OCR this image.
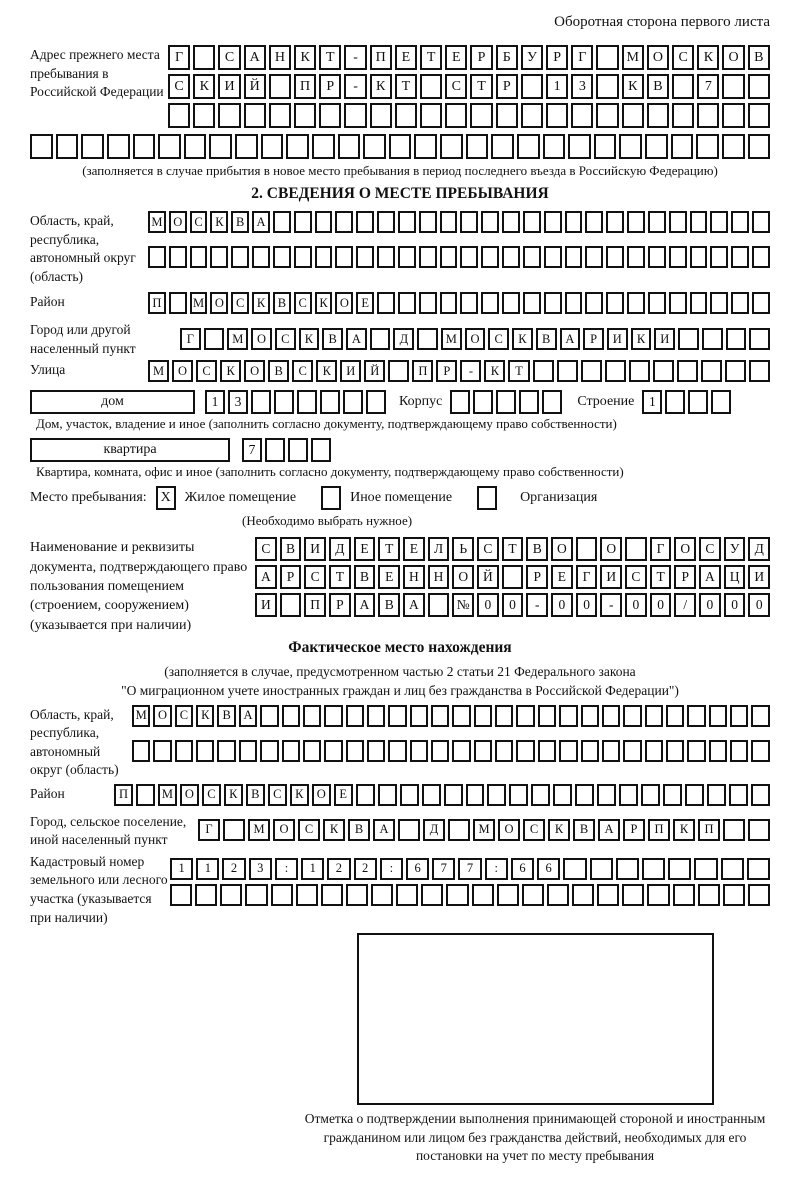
Оборотная сторона первого листа
Адрес прежнего места пребывания в Российской Федерации
Г	С	А	Н	К	Т	-	П	Е	Т	Е	Р	Б	У	Р	Г	М О	С	К	О	В
С	К	И	Й	П	Р	-	К	Т	С	Т	Р	1	3	К	В	7
(заполняется в случае прибытия в новое место пребывания в период последнего въезда в Российскую Федерацию)
2. СВЕДЕНИЯ О МЕСТЕ ПРЕБЫВАНИЯ
Область, край, республика, автономный округ (область)
М О С К В А
Район	П	М О С К В С К О	Е
Город или другой населенный пункт
Г	М	О	С	К	В	А	Д	М	О	С	К	В	А	Р	И	К	И
Улица	М	О	С	К	О	В	С	К	И	Й	П	Р	-	К	Т
дом	1	3	Корпус	Строение	1
Дом, участок, владение и иное (заполнить согласно документу, подтверждающему право собственности)
квартира	7
Квартира, комната, офис и иное (заполнить согласно документу, подтверждающему право собственности)
Место пребывания: X Жилое помещение	Иное помещение	Организация
(Необходимо выбрать нужное)
Наименование и реквизиты документа, подтверждающего право пользования помещением (строением, сооружением) (указывается при наличии)
С	В	И	Д	Е	Т	Е	Л	Ь	С	Т	В	О	О	Г	О	С	У	Д
А	Р	С	Т	В	Е	Н	Н	О	Й	Р	Е	Г	И	С	Т	Р	А	Ц	И
И	П	Р	А	В	А	№	0	0	-	0	0	-	0	0	/	0	0	0
Фактическое место нахождения
(заполняется в случае, предусмотренном частью 2 статьи 21 Федерального закона
"О миграционном учете иностранных граждан и лиц без гражданства в Российской Федерации")
Область, край, республика, автономный округ (область)
М О	С	К	В	А
Район	П	М О	С	К	В	С	К	О	Е
Город, сельское поселение, иной населенный пункт
Г	М	О	С	К	В	А	Д	М	О	С	К	В	А	Р	П	К	П
Кадастровый номер земельного или лесного участка (указывается при наличии)
1	1	2	3	:	1	2	2	:	6	7	7	:	6	6
Отметка о подтверждении выполнения принимающей стороной и иностранным гражданином или лицом без гражданства действий, необходимых для его постановки на учет по месту пребывания
